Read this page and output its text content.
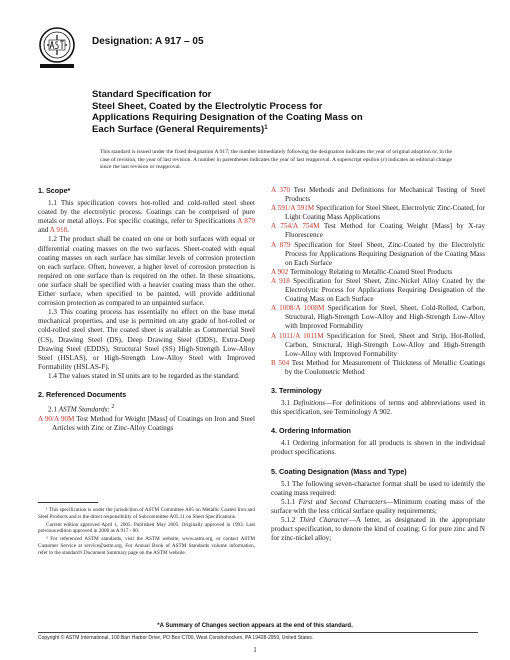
Designation: A 917 – 05
Standard Specification for
Steel Sheet, Coated by the Electrolytic Process for
Applications Requiring Designation of the Coating Mass on
Each Surface (General Requirements)$^1$
This standard is issued under the fixed designation A 917; the number immediately following the designation indicates the year of original adoption or, in the case of revision, the year of last revision. A number in parentheses indicates the year of last reapproval. A superscript epsilon (ε) indicates an editorial change since the last revision or reapproval.
1. Scope*

1.1 This specification covers hot-rolled and cold-rolled steel sheet coated by the electrolytic process. Coatings can be comprised of pure metals or metal alloys. For specific coatings, refer to Specifications A 879 and A 918.

1.2 The product shall be coated on one or both surfaces with equal or differential coating masses on the two surfaces. Sheet-coated with equal coating masses on each surface has similar levels of corrosion protection on each surface. Often, however, a higher level of corrosion protection is required on one surface than is required on the other. In these situations, one surface shall be specified with a heavier coating mass than the other. Either surface, when specified to be painted, will provide additional corrosion protection as compared to an unpainted surface.

1.3 This coating process has essentially no effect on the base metal mechanical properties, and use is permitted on any grade of hot-rolled or cold-rolled steel sheet. The coated sheet is available as Commercial Steel (CS), Drawing Steel (DS), Deep Drawing Steel (DDS), Extra-Deep Drawing Steel (EDDS), Structural Steel (SS) High-Strength Low-Alloy Steel (HSLAS), or High-Strength Low-Alloy Steel with Improved Formability (HSLAS-F).

1.4 The values stated in SI units are to be regarded as the standard.

2. Referenced Documents

2.1 ASTM Standards: $^2$

A 90/A 90M Test Method for Weight [Mass] of Coatings on Iron and Steel Articles with Zinc or Zinc-Alloy Coatings

¹ This specification is under the jurisdiction of ASTM Committee A05 on Metallic Coated Iron and Steel Products and is the direct responsibility of Subcommittee A05.11 on Sheet Specifications.

Current edition approved April 1, 2005. Published May 2005. Originally approved in 1993. Last previous edition approved in 2000 as A 917 - 00.

² For referenced ASTM standards, visit the ASTM website, www.astm.org, or contact ASTM Customer Service at service@astm.org. For Annual Book of ASTM Standards volume information, refer to the standard's Document Summary page on the ASTM website.

A 370 Test Methods and Definitions for Mechanical Testing of Steel Products
A 591/A 591M Specification for Steel Sheet, Electrolytic Zinc-Coated, for Light Coating Mass Applications
A 754/A 754M Test Method for Coating Weight [Mass] by X-ray Fluorescence
A 879 Specification for Steel Sheet, Zinc-Coated by the Electrolytic Process for Applications Requiring Designation of the Coating Mass on Each Surface
A 902 Terminology Relating to Metallic-Coated Steel Products
A 918 Specification for Steel Sheet, Zinc-Nickel Alloy Coated by the Electrolytic Process for Applications Requiring Designation of the Coating Mass on Each Surface
A 1008/A 1008M Specification for Steel, Sheet, Cold-Rolled, Carbon, Structural, High-Strength Low-Alloy and High-Strength Low-Alloy with Improved Formability
A 1011/A 1011M Specification for Steel, Sheet and Strip, Hot-Rolled, Carbon, Structural, High-Strength Low-Alloy and High-Strength Low-Alloy with Improved Formability
B 504 Test Method for Measurement of Thickness of Metallic Coatings by the Coulometric Method
3. Terminology

3.1 Definitions—For definitions of terms and abbreviations used in this specification, see Terminology A 902.

4. Ordering Information

4.1 Ordering information for all products is shown in the individual product specifications.

5. Coating Designation (Mass and Type)

5.1 The following seven-character format shall be used to identify the coating mass required:

5.1.1 First and Second Characters—Minimum coating mass of the surface with the less critical surface quality requirements;

5.1.2 Third Character—A letter, as designated in the appropriate product specification, to denote the kind of coating; G for pure zinc and N for zinc-nickel alloy;

*A Summary of Changes section appears at the end of this standard.
Copyright © ASTM International, 100 Barr Harbor Drive, PO Box C700, West Conshohocken, PA 19428-2959, United States.
1
